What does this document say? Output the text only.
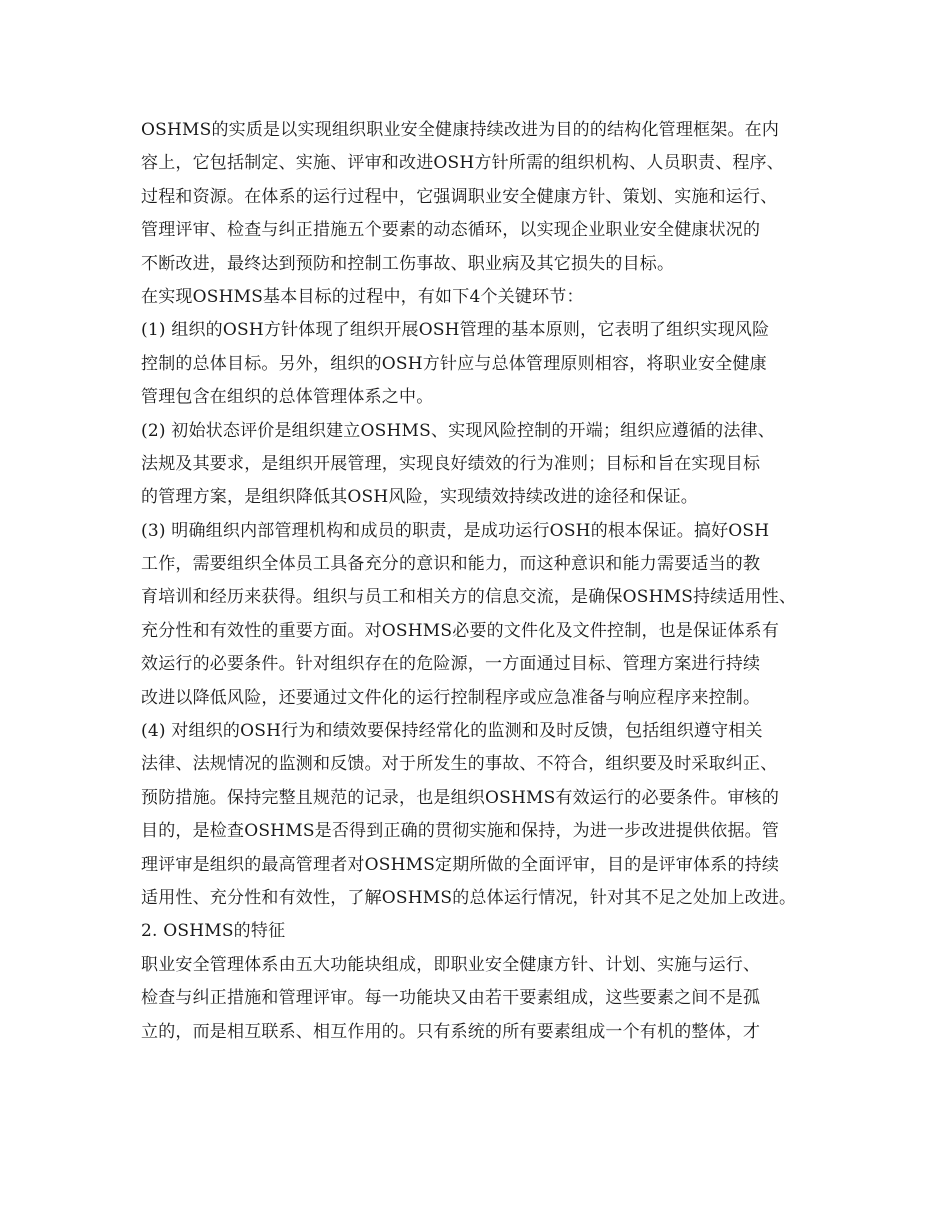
OSHMS的实质是以实现组织职业安全健康持续改进为目的的结构化管理框架。在内
容上，它包括制定、实施、评审和改进OSH方针所需的组织机构、人员职责、程序、
过程和资源。在体系的运行过程中，它强调职业安全健康方针、策划、实施和运行、
管理评审、检查与纠正措施五个要素的动态循环，以实现企业职业安全健康状况的
不断改进，最终达到预防和控制工伤事故、职业病及其它损失的目标。
在实现OSHMS基本目标的过程中，有如下4个关键环节：
(1) 组织的OSH方针体现了组织开展OSH管理的基本原则，它表明了组织实现风险
控制的总体目标。另外，组织的OSH方针应与总体管理原则相容，将职业安全健康
管理包含在组织的总体管理体系之中。
(2) 初始状态评价是组织建立OSHMS、实现风险控制的开端；组织应遵循的法律、
法规及其要求，是组织开展管理，实现良好绩效的行为准则；目标和旨在实现目标
的管理方案，是组织降低其OSH风险，实现绩效持续改进的途径和保证。
(3) 明确组织内部管理机构和成员的职责，是成功运行OSH的根本保证。搞好OSH
工作，需要组织全体员工具备充分的意识和能力，而这种意识和能力需要适当的教
育培训和经历来获得。组织与员工和相关方的信息交流，是确保OSHMS持续适用性、
充分性和有效性的重要方面。对OSHMS必要的文件化及文件控制，也是保证体系有
效运行的必要条件。针对组织存在的危险源，一方面通过目标、管理方案进行持续
改进以降低风险，还要通过文件化的运行控制程序或应急准备与响应程序来控制。
(4) 对组织的OSH行为和绩效要保持经常化的监测和及时反馈，包括组织遵守相关
法律、法规情况的监测和反馈。对于所发生的事故、不符合，组织要及时采取纠正、
预防措施。保持完整且规范的记录，也是组织OSHMS有效运行的必要条件。审核的
目的，是检查OSHMS是否得到正确的贯彻实施和保持，为进一步改进提供依据。管
理评审是组织的最高管理者对OSHMS定期所做的全面评审，目的是评审体系的持续
适用性、充分性和有效性，了解OSHMS的总体运行情况，针对其不足之处加上改进。
2. OSHMS的特征
职业安全管理体系由五大功能块组成，即职业安全健康方针、计划、实施与运行、
检查与纠正措施和管理评审。每一功能块又由若干要素组成，这些要素之间不是孤
立的，而是相互联系、相互作用的。只有系统的所有要素组成一个有机的整体，才
